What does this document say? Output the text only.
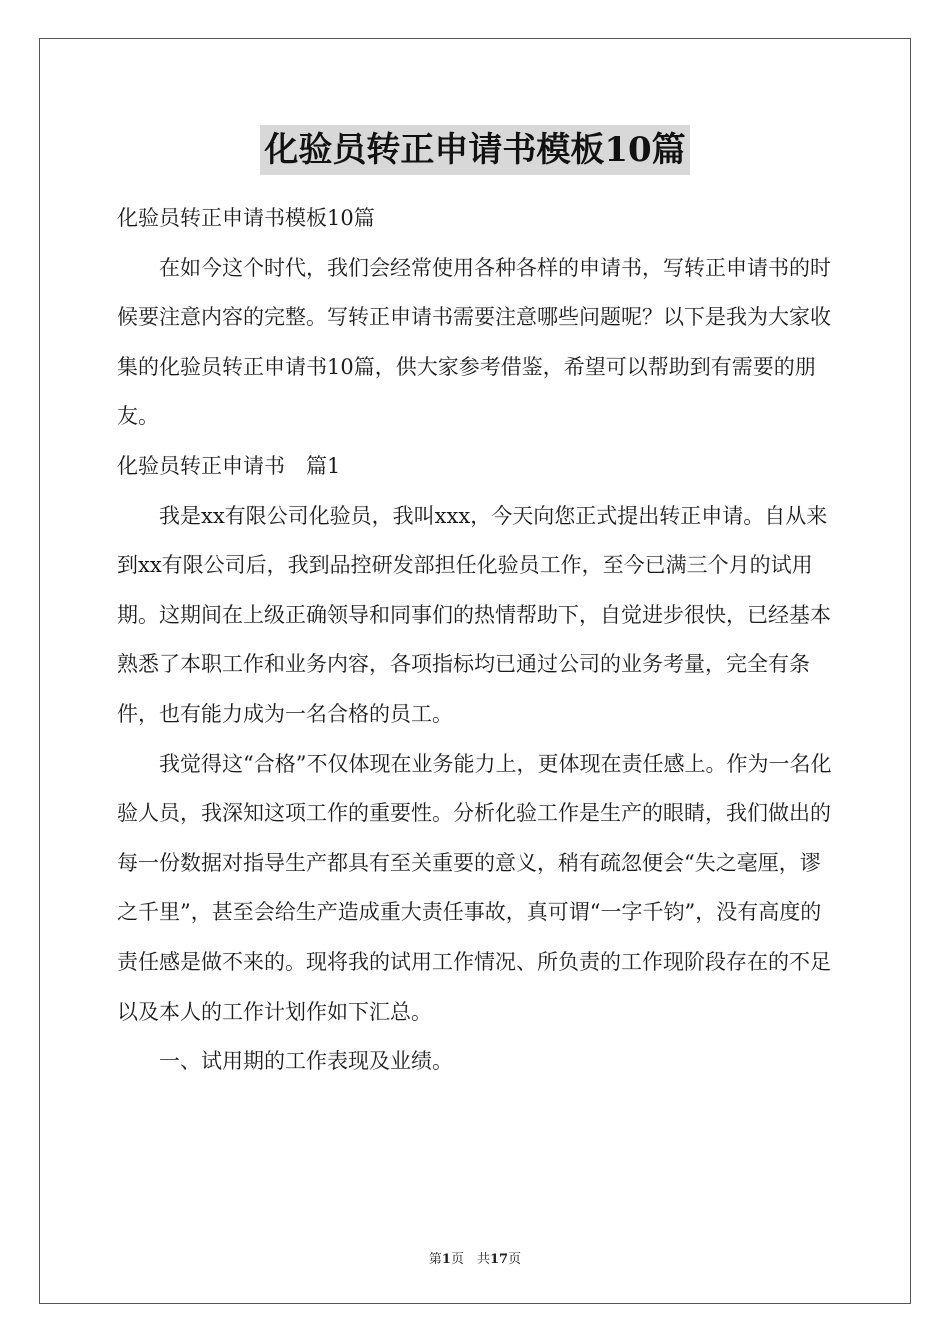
化验员转正申请书模板10篇

化验员转正申请书模板10篇

在如今这个时代，我们会经常使用各种各样的申请书，写转正申请书的时候要注意内容的完整。写转正申请书需要注意哪些问题呢？以下是我为大家收集的化验员转正申请书10篇，供大家参考借鉴，希望可以帮助到有需要的朋友。

化验员转正申请书　篇1

我是xx有限公司化验员，我叫xxx，今天向您正式提出转正申请。自从来到xx有限公司后，我到品控研发部担任化验员工作，至今已满三个月的试用期。这期间在上级正确领导和同事们的热情帮助下，自觉进步很快，已经基本熟悉了本职工作和业务内容，各项指标均已通过公司的业务考量，完全有条件，也有能力成为一名合格的员工。

我觉得这“合格”不仅体现在业务能力上，更体现在责任感上。作为一名化验人员，我深知这项工作的重要性。分析化验工作是生产的眼睛，我们做出的每一份数据对指导生产都具有至关重要的意义，稍有疏忽便会“失之毫厘，谬之千里”，甚至会给生产造成重大责任事故，真可谓“一字千钧”，没有高度的责任感是做不来的。现将我的试用工作情况、所负责的工作现阶段存在的不足以及本人的工作计划作如下汇总。

一、试用期的工作表现及业绩。

第1页　共17页
